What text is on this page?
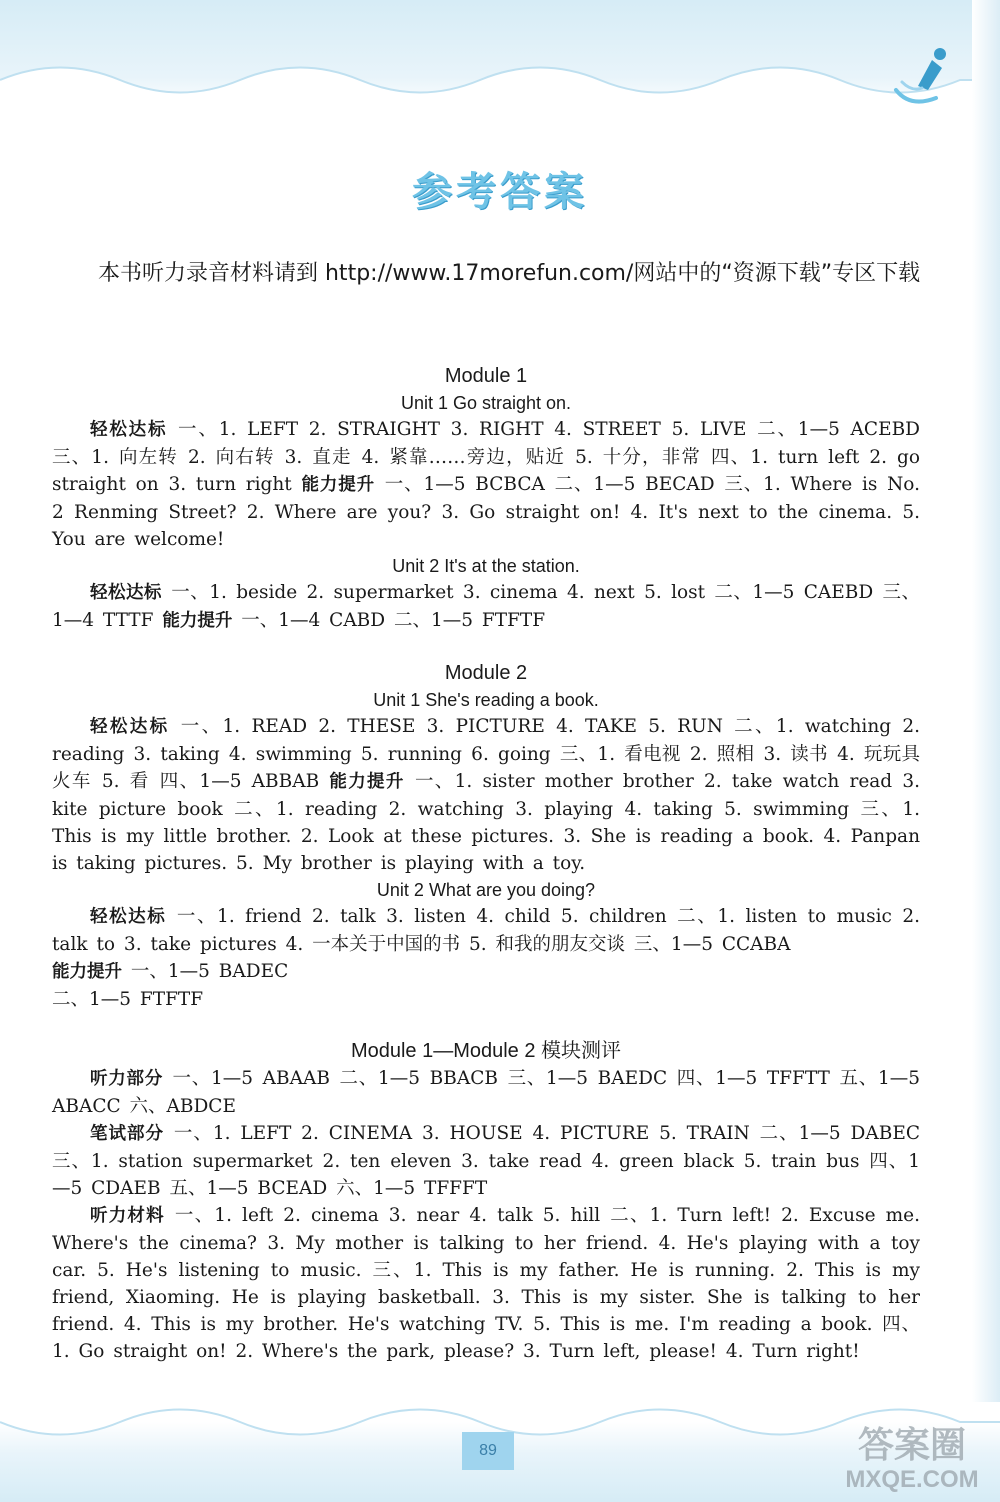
参考答案
本书听力录音材料请到 http://www.17morefun.com/网站中的“资源下载”专区下载
Module 1
Unit 1 Go straight on.

轻松达标 一、1. LEFT 2. STRAIGHT 3. RIGHT 4. STREET 5. LIVE 二、1—5 ACEBD 三、1. 向左转 2. 向右转 3. 直走 4. 紧靠……旁边，贴近 5. 十分，非常 四、1. turn left 2. go straight on 3. turn right 能力提升 一、1—5 BCBCA 二、1—5 BECAD 三、1. Where is No. 2 Renming Street? 2. Where are you? 3. Go straight on! 4. It's next to the cinema. 5. You are welcome!

Unit 2 It's at the station.

轻松达标 一、1. beside 2. supermarket 3. cinema 4. next 5. lost 二、1—5 CAEBD 三、1—4 TTTF 能力提升 一、1—4 CABD 二、1—5 FTFTF

Module 2
Unit 1 She's reading a book.

轻松达标 一、1. READ 2. THESE 3. PICTURE 4. TAKE 5. RUN 二、1. watching 2. reading 3. taking 4. swimming 5. running 6. going 三、1. 看电视 2. 照相 3. 读书 4. 玩玩具火车 5. 看 四、1—5 ABBAB 能力提升 一、1. sister mother brother 2. take watch read 3. kite picture book 二、1. reading 2. watching 3. playing 4. taking 5. swimming 三、1. This is my little brother. 2. Look at these pictures. 3. She is reading a book. 4. Panpan is taking pictures. 5. My brother is playing with a toy.

Unit 2 What are you doing?

轻松达标 一、1. friend 2. talk 3. listen 4. child 5. children 二、1. listen to music 2. talk to 3. take pictures 4. 一本关于中国的书 5. 和我的朋友交谈 三、1—5 CCABA

能力提升 一、1—5 BADEC

二、1—5 FTFTF

Module 1—Module 2 模块测评

听力部分 一、1—5 ABAAB 二、1—5 BBACB 三、1—5 BAEDC 四、1—5 TFFTT 五、1—5 ABACC 六、ABDCE

笔试部分 一、1. LEFT 2. CINEMA 3. HOUSE 4. PICTURE 5. TRAIN 二、1—5 DABEC 三、1. station supermarket 2. ten eleven 3. take read 4. green black 5. train bus 四、1—5 CDAEB 五、1—5 BCEAD 六、1—5 TFFFT

听力材料 一、1. left 2. cinema 3. near 4. talk 5. hill 二、1. Turn left! 2. Excuse me. Where's the cinema? 3. My mother is talking to her friend. 4. He's playing with a toy car. 5. He's listening to music. 三、1. This is my father. He is running. 2. This is my friend, Xiaoming. He is playing basketball. 3. This is my sister. She is talking to her friend. 4. This is my brother. He's watching TV. 5. This is me. I'm reading a book. 四、1. Go straight on! 2. Where's the park, please? 3. Turn left, please! 4. Turn right!

89	答案圈
MXQE.COM
